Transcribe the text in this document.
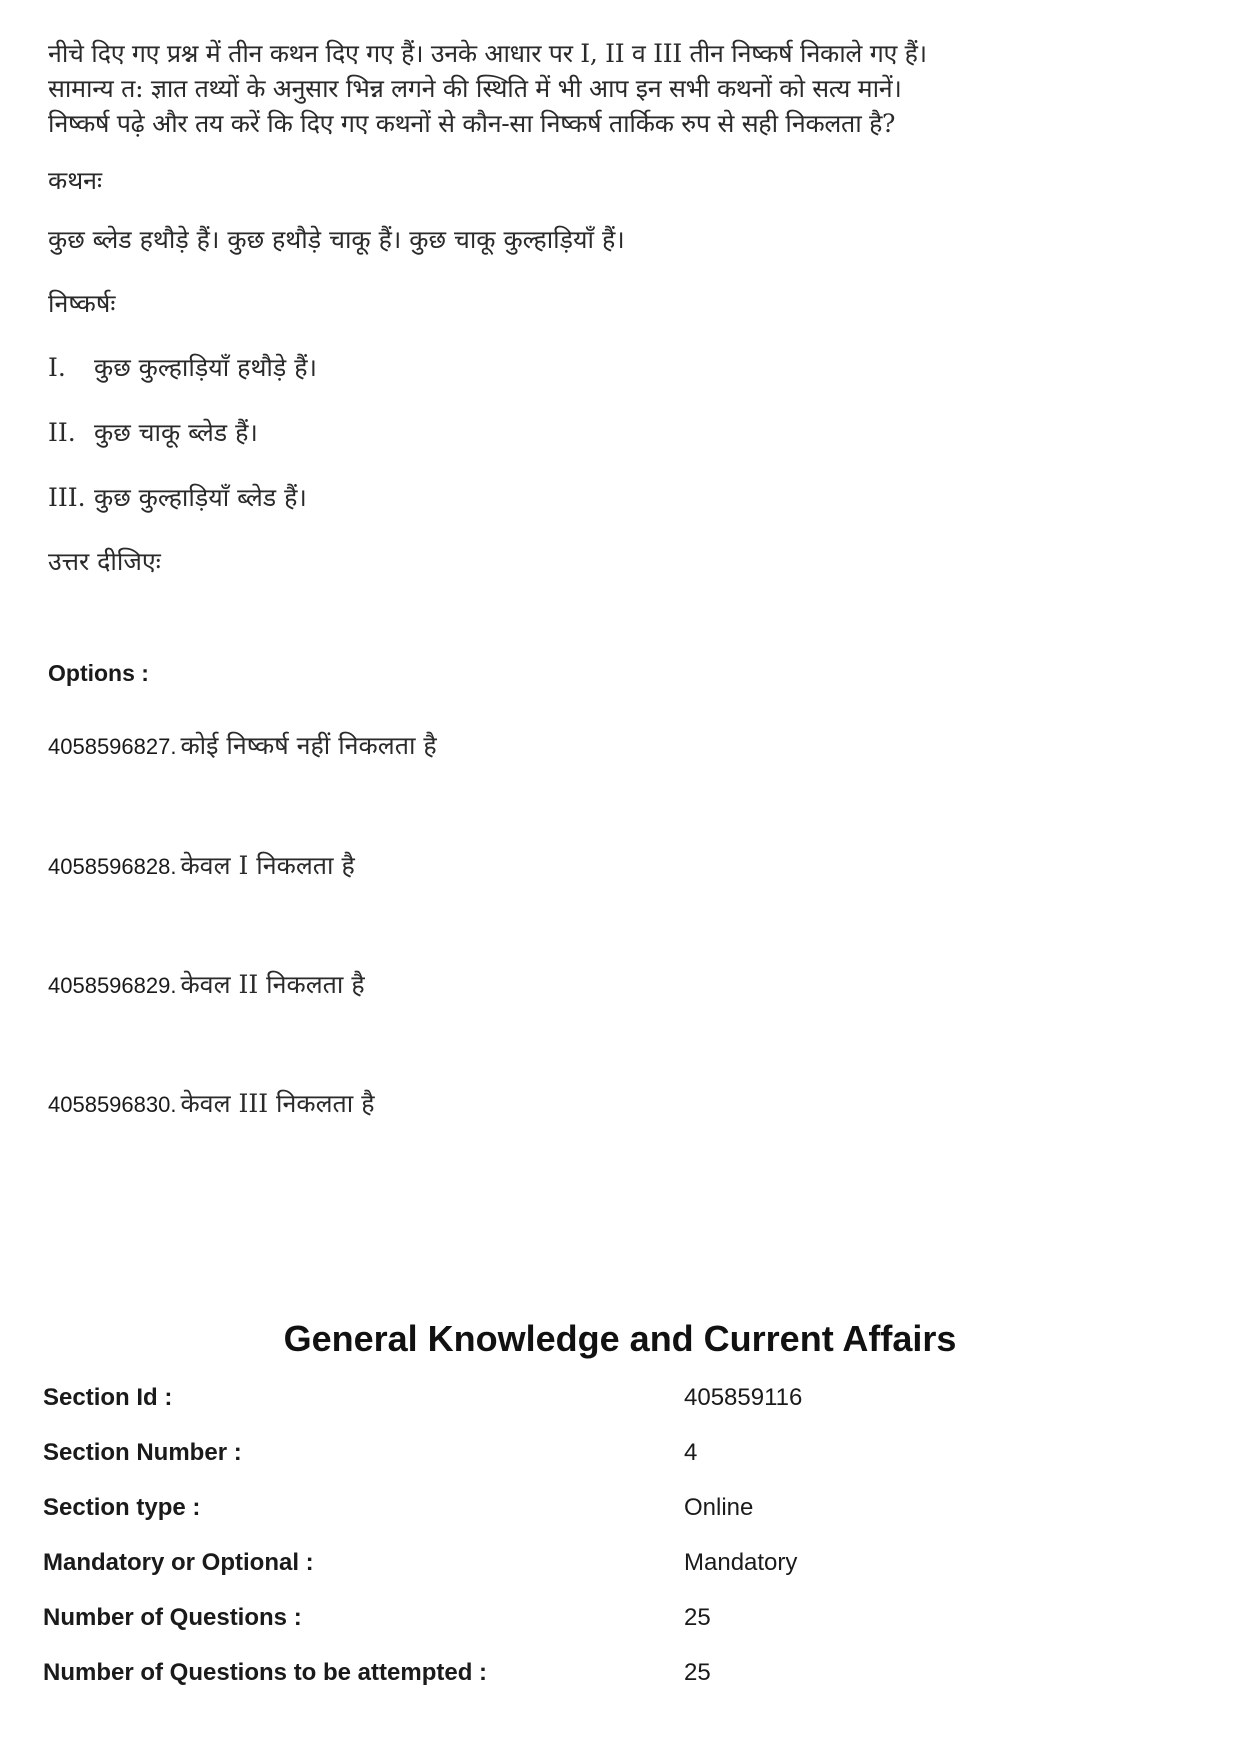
नीचे दिए गए प्रश्न में तीन कथन दिए गए हैं। उनके आधार पर I, II व III तीन निष्कर्ष निकाले गए हैं। सामान्य त: ज्ञात तथ्यों के अनुसार भिन्न लगने की स्थिति में भी आप इन सभी कथनों को सत्य मानें। निष्कर्ष पढ़े और तय करें कि दिए गए कथनों से कौन-सा निष्कर्ष तार्किक रुप से सही निकलता है?

कथनः

कुछ ब्लेड हथौड़े हैं। कुछ हथौड़े चाकू हैं। कुछ चाकू कुल्हाड़ियाँ हैं।

निष्कर्षः

I. कुछ कुल्हाड़ियाँ हथौड़े हैं।

II. कुछ चाकू ब्लेड हैं।

III. कुछ कुल्हाड़ियाँ ब्लेड हैं।

उत्तर दीजिएः

Options :
4058596827. कोई निष्कर्ष नहीं निकलता है
4058596828. केवल I निकलता है
4058596829. केवल II निकलता है
4058596830. केवल III निकलता है
General Knowledge and Current Affairs
Section Id :	405859116
Section Number :	4
Section type :	Online
Mandatory or Optional :	Mandatory
Number of Questions :	25
Number of Questions to be attempted :	25
